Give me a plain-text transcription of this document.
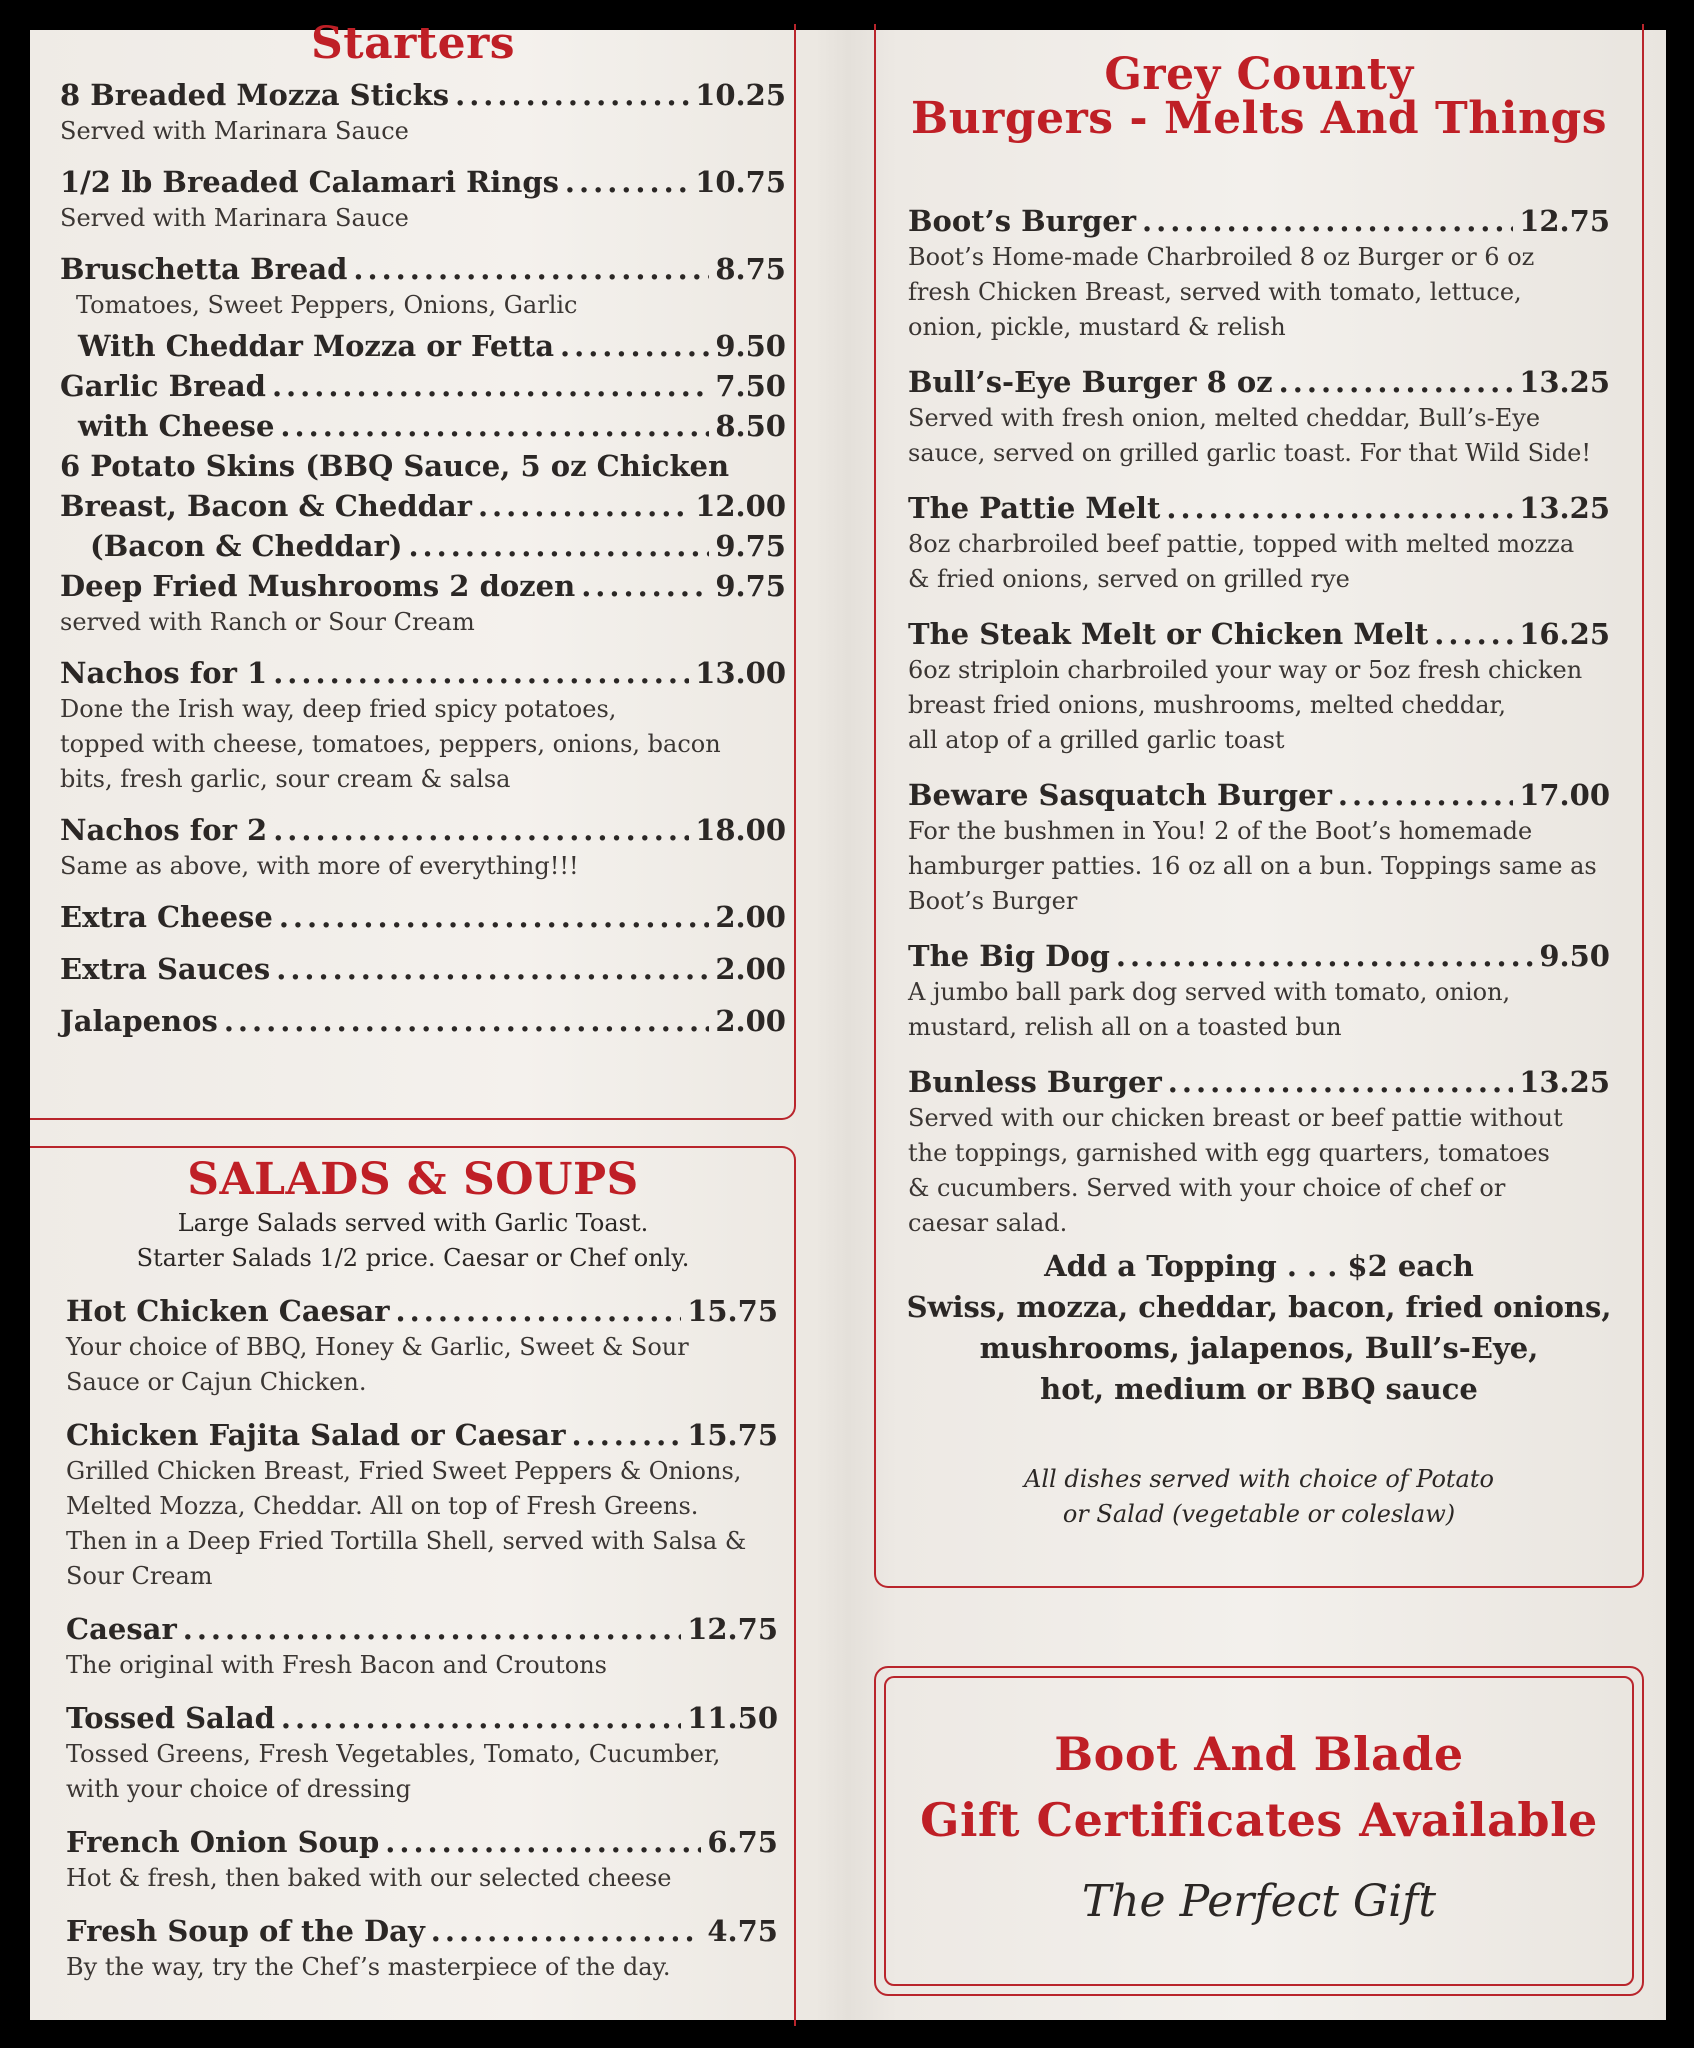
Starters
8 Breaded Mozza Sticks .....	10.25
Served with Marinara Sauce
1/2 lb Breaded Calamari Rings .....	10.75
Served with Marinara Sauce
Bruschetta Bread .....	8.75
Tomatoes, Sweet Peppers, Onions, Garlic
With Cheddar Mozza or Fetta .....	9.50
Garlic Bread .....	7.50
with Cheese .....	8.50
6 Potato Skins (BBQ Sauce, 5 oz Chicken
Breast, Bacon & Cheddar .....	12.00
(Bacon & Cheddar) .....	9.75
Deep Fried Mushrooms 2 dozen .....	9.75
served with Ranch or Sour Cream
Nachos for 1 .....	13.00
Done the Irish way, deep fried spicy potatoes,
topped with cheese, tomatoes, peppers, onions, bacon
bits, fresh garlic, sour cream & salsa
Nachos for 2 .....	18.00
Same as above, with more of everything!!!
Extra Cheese .....	2.00
Extra Sauces .....	2.00
Jalapenos .....	2.00
SALADS & SOUPS
Large Salads served with Garlic Toast.
Starter Salads 1/2 price. Caesar or Chef only.
Hot Chicken Caesar .....	15.75
Your choice of BBQ, Honey & Garlic, Sweet & Sour
Sauce or Cajun Chicken.
Chicken Fajita Salad or Caesar .....	15.75
Grilled Chicken Breast, Fried Sweet Peppers & Onions,
Melted Mozza, Cheddar. All on top of Fresh Greens.
Then in a Deep Fried Tortilla Shell, served with Salsa &
Sour Cream
Caesar .....	12.75
The original with Fresh Bacon and Croutons
Tossed Salad .....	11.50
Tossed Greens, Fresh Vegetables, Tomato, Cucumber,
with your choice of dressing
French Onion Soup .....	6.75
Hot & fresh, then baked with our selected cheese
Fresh Soup of the Day .....	4.75
By the way, try the Chef’s masterpiece of the day.
Grey County
Burgers - Melts And Things
Boot’s Burger .....	12.75
Boot’s Home-made Charbroiled 8 oz Burger or 6 oz
fresh Chicken Breast, served with tomato, lettuce,
onion, pickle, mustard & relish
Bull’s-Eye Burger 8 oz .....	13.25
Served with fresh onion, melted cheddar, Bull’s-Eye
sauce, served on grilled garlic toast. For that Wild Side!
The Pattie Melt .....	13.25
8oz charbroiled beef pattie, topped with melted mozza
& fried onions, served on grilled rye
The Steak Melt or Chicken Melt .....	16.25
6oz striploin charbroiled your way or 5oz fresh chicken
breast fried onions, mushrooms, melted cheddar,
all atop of a grilled garlic toast
Beware Sasquatch Burger .....	17.00
For the bushmen in You! 2 of the Boot’s homemade
hamburger patties. 16 oz all on a bun. Toppings same as
Boot’s Burger
The Big Dog .....	9.50
A jumbo ball park dog served with tomato, onion,
mustard, relish all on a toasted bun
Bunless Burger .....	13.25
Served with our chicken breast or beef pattie without
the toppings, garnished with egg quarters, tomatoes
& cucumbers. Served with your choice of chef or
caesar salad.
Add a Topping . . . $2 each
Swiss, mozza, cheddar, bacon, fried onions,
mushrooms, jalapenos, Bull’s-Eye,
hot, medium or BBQ sauce
All dishes served with choice of Potato
or Salad (vegetable or coleslaw)
Boot And Blade
Gift Certificates Available
The Perfect Gift
